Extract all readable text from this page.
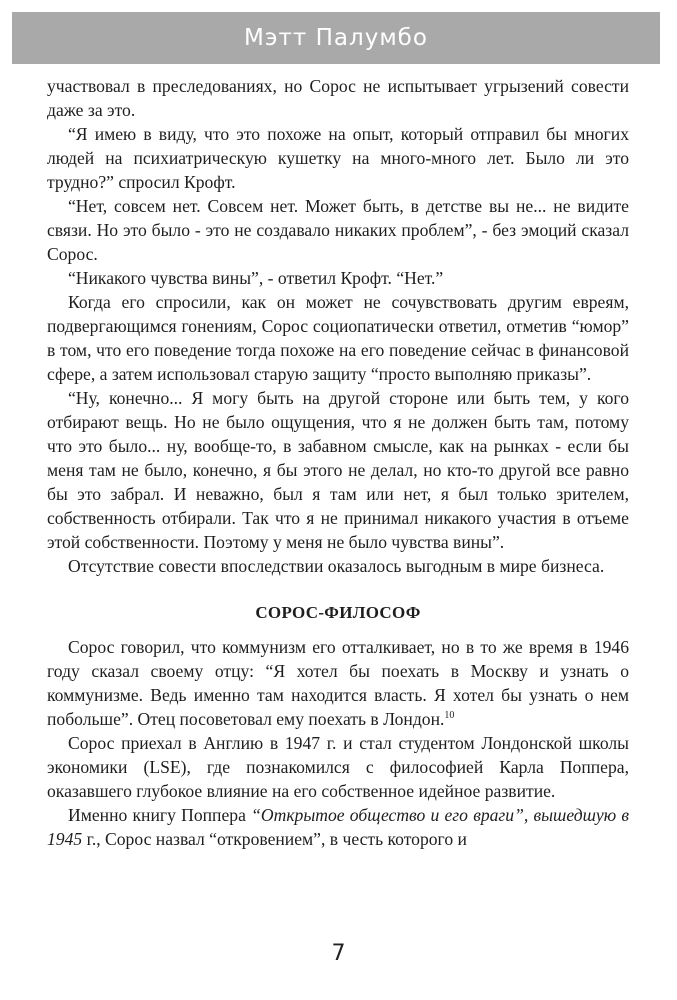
Мэтт Палумбо

участвовал в преследованиях, но Сорос не испытывает угрызений совести даже за это.

“Я имею в виду, что это похоже на опыт, который отправил бы многих людей на психиатрическую кушетку на много-много лет. Было ли это трудно?” спросил Крофт.

“Нет, совсем нет. Совсем нет. Может быть, в детстве вы не... не видите связи. Но это было - это не создавало никаких проблем”, - без эмоций сказал Сорос.

“Никакого чувства вины”, - ответил Крофт. “Нет.”

Когда его спросили, как он может не сочувствовать другим евреям, подвергающимся гонениям, Сорос социопатически ответил, отметив “юмор” в том, что его поведение тогда похоже на его поведение сейчас в финансовой сфере, а затем использовал старую защиту “просто выполняю приказы”.

“Ну, конечно... Я могу быть на другой стороне или быть тем, у кого отбирают вещь. Но не было ощущения, что я не должен быть там, потому что это было... ну, вообще-то, в забавном смысле, как на рынках - если бы меня там не было, конечно, я бы этого не делал, но кто-то другой все равно бы это забрал. И неважно, был я там или нет, я был только зрителем, собственность отбирали. Так что я не принимал никакого участия в отъеме этой собственности. Поэтому у меня не было чувства вины”.

Отсутствие совести впоследствии оказалось выгодным в мире бизнеса.

СОРОС-ФИЛОСОФ

Сорос говорил, что коммунизм его отталкивает, но в то же время в 1946 году сказал своему отцу: “Я хотел бы поехать в Москву и узнать о коммунизме. Ведь именно там находится власть. Я хотел бы узнать о нем побольше”. Отец посоветовал ему поехать в Лондон.$^{10}$

Сорос приехал в Англию в 1947 г. и стал студентом Лондонской школы экономики (LSE), где познакомился с философией Карла Поппера, оказавшего глубокое влияние на его собственное идейное развитие.

Именно книгу Поппера “Открытое общество и его враги”, вышедшую в 1945 г., Сорос назвал “откровением”, в честь которого и

7
